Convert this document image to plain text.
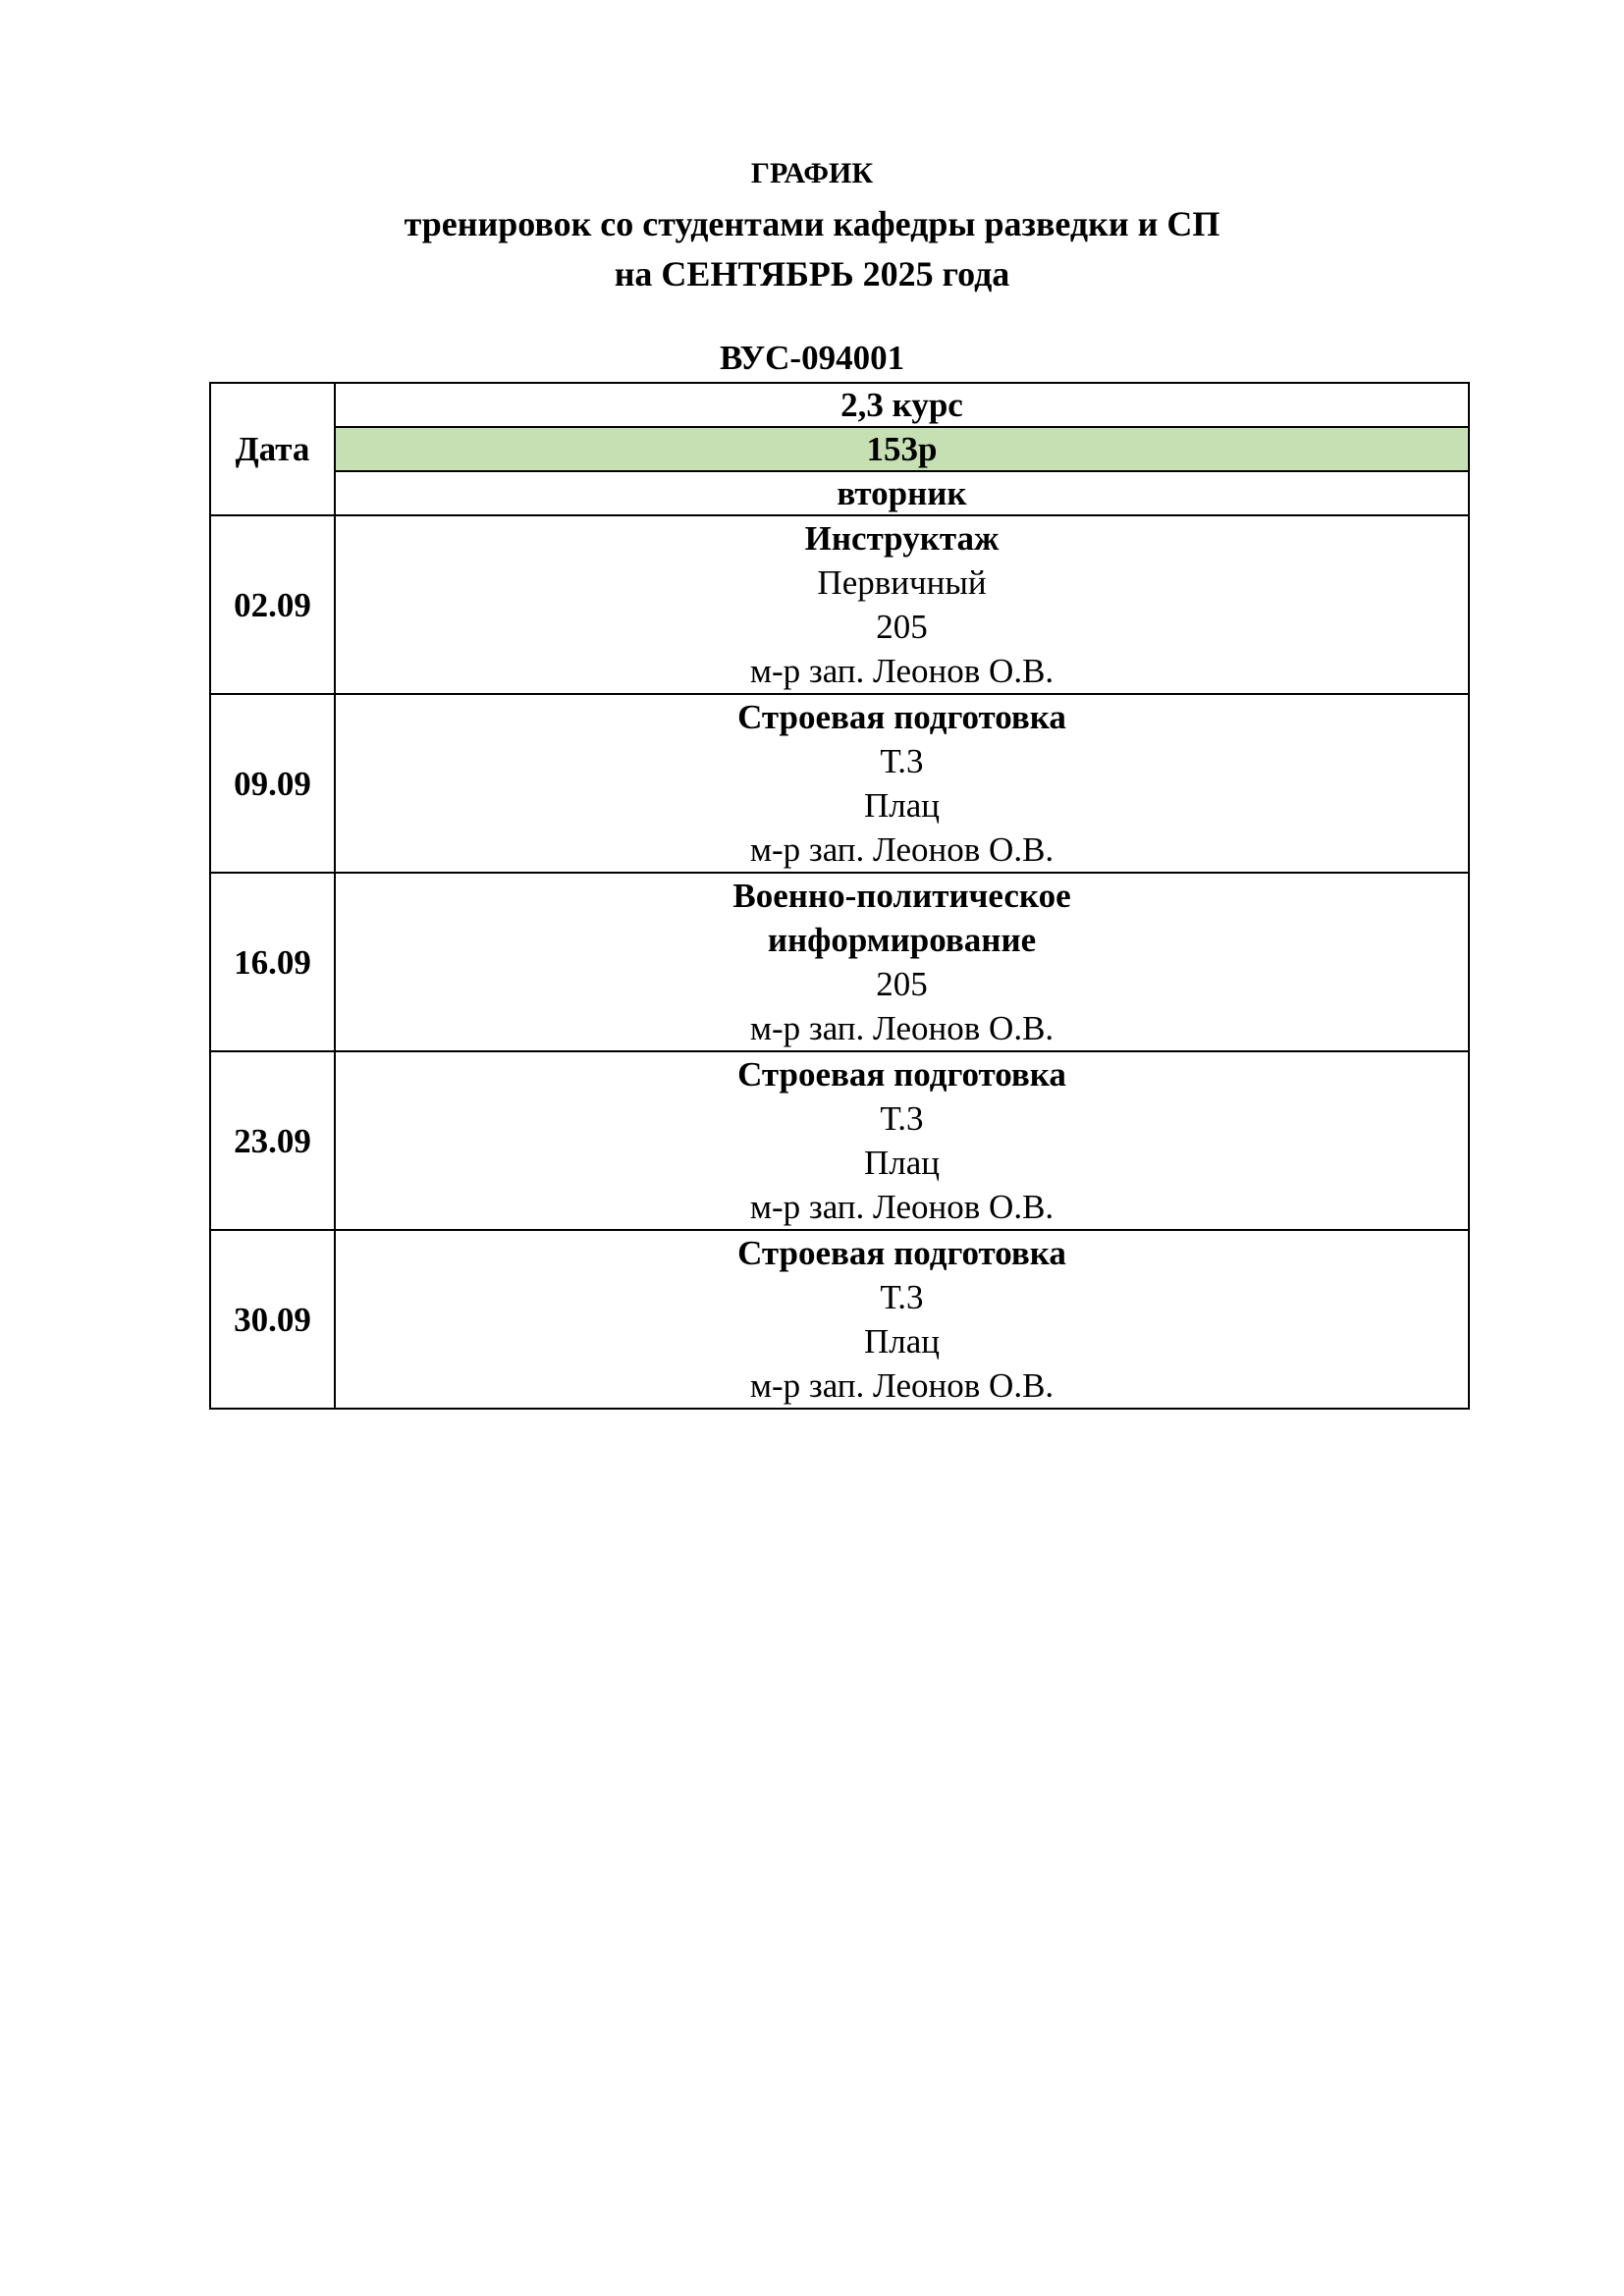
ГРАФИК
тренировок со студентами кафедры разведки и СП
на СЕНТЯБРЬ 2025 года
ВУС-094001
Дата	2,3 курс
	153р
	вторник
02.09	Инструктаж
Первичный
205
м-р зап. Леонов О.В.

09.09	Строевая подготовка
Т.3
Плац
м-р зап. Леонов О.В.

16.09	Военно-политическое
информирование
205
м-р зап. Леонов О.В.

23.09	Строевая подготовка
Т.3
Плац
м-р зап. Леонов О.В.

30.09	Строевая подготовка
Т.3
Плац
м-р зап. Леонов О.В.
